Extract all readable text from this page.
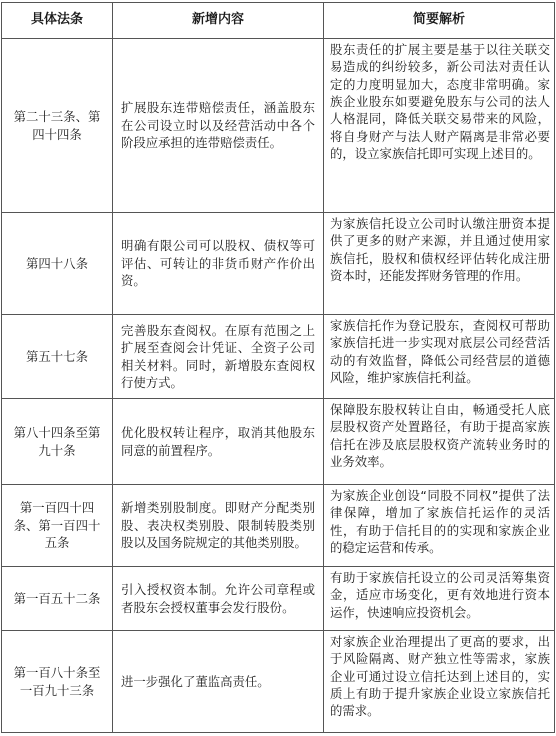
具体法条	新增内容	简要解析
第二十三条、第四十四条	扩展股东连带赔偿责任，涵盖股东在公司设立时以及经营活动中各个阶段应承担的连带赔偿责任。	股东责任的扩展主要是基于以往关联交易造成的纠纷较多，新公司法对责任认定的力度明显加大，态度非常明确。家族企业股东如要避免股东与公司的法人人格混同，降低关联交易带来的风险，将自身财产与法人财产隔离是非常必要的，设立家族信托即可实现上述目的。
第四十八条	明确有限公司可以股权、债权等可评估、可转让的非货币财产作价出资。	为家族信托设立公司时认缴注册资本提供了更多的财产来源，并且通过使用家族信托，股权和债权经评估转化成注册资本时，还能发挥财务管理的作用。
第五十七条	完善股东查阅权。在原有范围之上扩展至查阅会计凭证、全资子公司相关材料。同时，新增股东查阅权行使方式。	家族信托作为登记股东，查阅权可帮助家族信托进一步实现对底层公司经营活动的有效监督，降低公司经营层的道德风险，维护家族信托利益。
第八十四条至第九十条	优化股权转让程序，取消其他股东同意的前置程序。	保障股东股权转让自由，畅通受托人底层股权资产处置路径，有助于提高家族信托在涉及底层股权资产流转业务时的业务效率。
第一百四十四条、第一百四十五条	新增类别股制度。即财产分配类别股、表决权类别股、限制转股类别股以及国务院规定的其他类别股。	为家族企业创设“同股不同权”提供了法律保障，增加了家族信托运作的灵活性，有助于信托目的的实现和家族企业的稳定运营和传承。
第一百五十二条	引入授权资本制。允许公司章程或者股东会授权董事会发行股份。	有助于家族信托设立的公司灵活筹集资金，适应市场变化，更有效地进行资本运作，快速响应投资机会。
第一百八十条至一百九十三条	进一步强化了董监高责任。	对家族企业治理提出了更高的要求，出于风险隔离、财产独立性等需求，家族企业可通过设立信托达到上述目的，实质上有助于提升家族企业设立家族信托的需求。
